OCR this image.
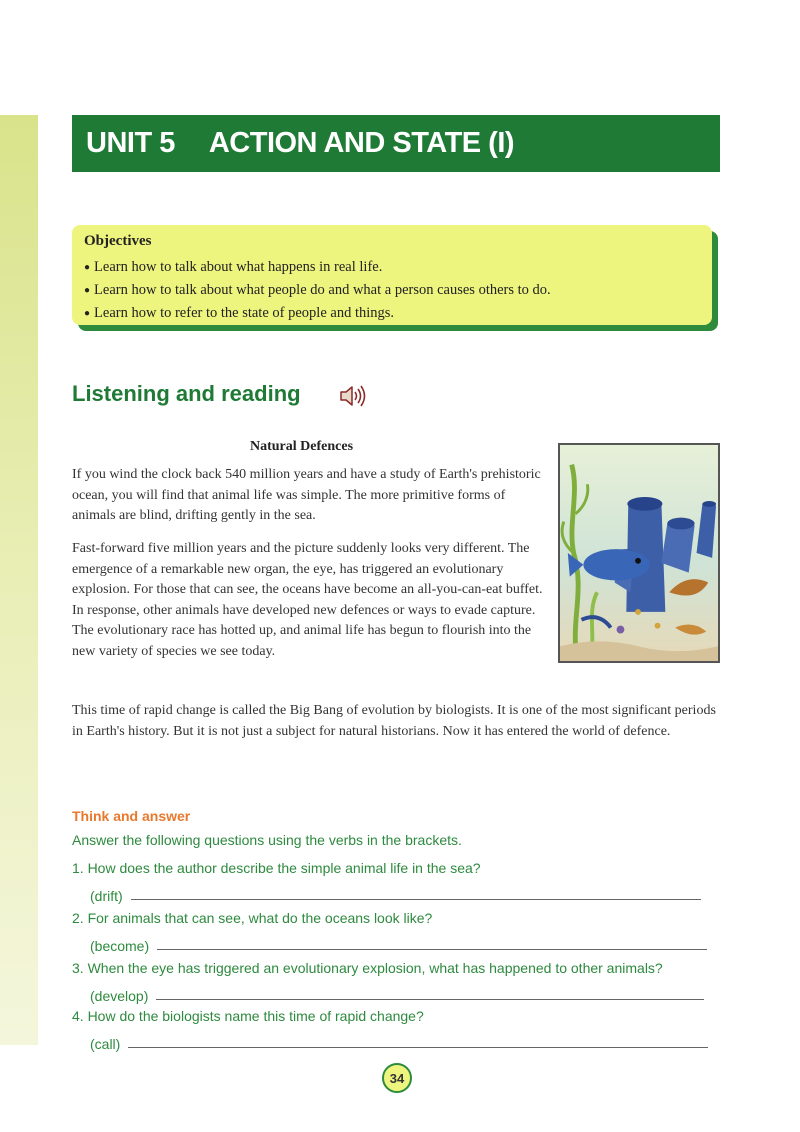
UNIT 5 ACTION AND STATE (I)
Objectives
● Learn how to talk about what happens in real life.
● Learn how to talk about what people do and what a person causes others to do.
● Learn how to refer to the state of people and things.
Listening and reading
Natural Defences

If you wind the clock back 540 million years and have a study of Earth's prehistoric ocean, you will find that animal life was simple. The more primitive forms of animals are blind, drifting gently in the sea.

Fast-forward five million years and the picture suddenly looks very different. The emergence of a remarkable new organ, the eye, has triggered an evolutionary explosion. For those that can see, the oceans have become an all-you-can-eat buffet. In response, other animals have developed new defences or ways to evade capture. The evolutionary race has hotted up, and animal life has begun to flourish into the new variety of species we see today.

This time of rapid change is called the Big Bang of evolution by biologists. It is one of the most significant periods in Earth's history. But it is not just a subject for natural historians. Now it has entered the world of defence.

Think and answer
Answer the following questions using the verbs in the brackets.
1. How does the author describe the simple animal life in the sea?
(drift)
2. For animals that can see, what do the oceans look like?
(become)
3. When the eye has triggered an evolutionary explosion, what has happened to other animals?
(develop)
4. How do the biologists name this time of rapid change?
(call)
34
